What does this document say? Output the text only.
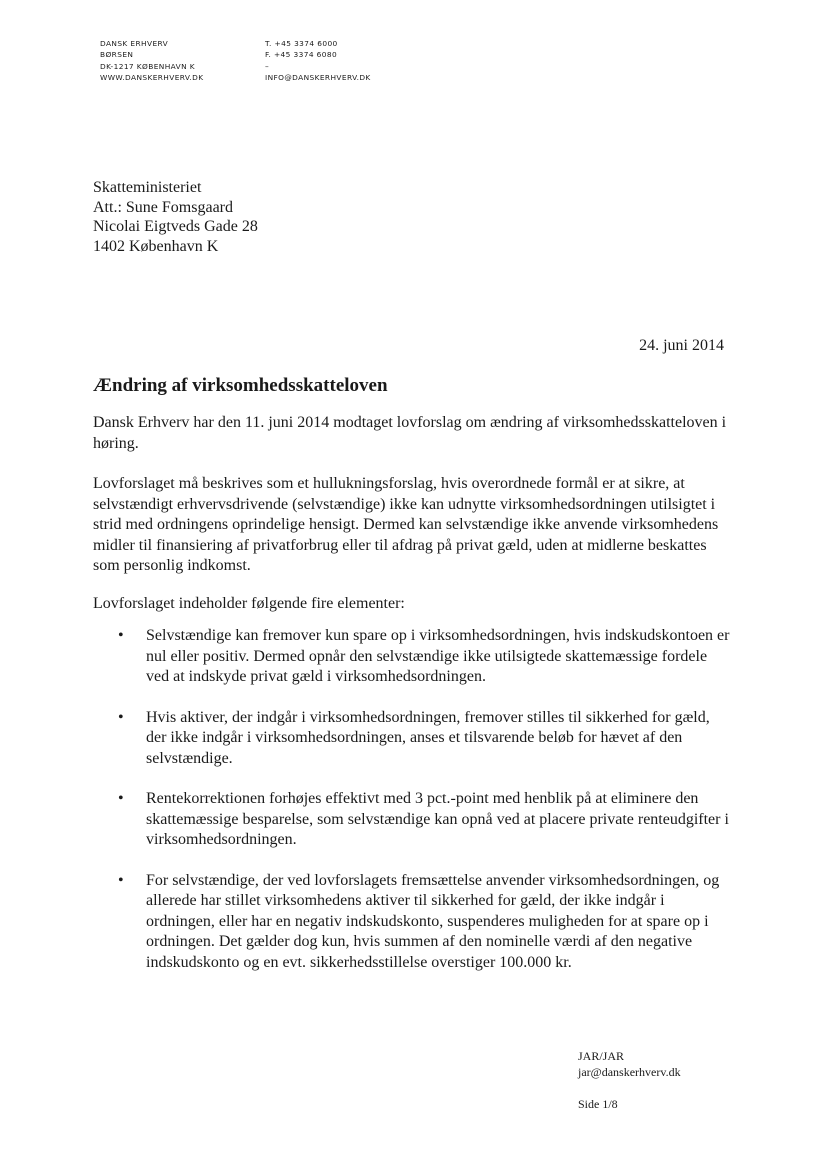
DANSK ERHVERV
BØRSEN
DK-1217 KØBENHAVN K
WWW.DANSKERHVERV.DK
T. +45 3374 6000
F. +45 3374 6080
–
INFO@DANSKERHVERV.DK
Skatteministeriet
Att.: Sune Fomsgaard
Nicolai Eigtveds Gade 28
1402 København K
24. juni 2014
Ændring af virksomhedsskatteloven

Dansk Erhverv har den 11. juni 2014 modtaget lovforslag om ændring af virksomhedsskatteloven i høring.

Lovforslaget må beskrives som et hullukningsforslag, hvis overordnede formål er at sikre, at selvstændigt erhvervsdrivende (selvstændige) ikke kan udnytte virksomhedsordningen utilsigtet i strid med ordningens oprindelige hensigt. Dermed kan selvstændige ikke anvende virksomhedens midler til finansiering af privatforbrug eller til afdrag på privat gæld, uden at midlerne beskattes som personlig indkomst.

Lovforslaget indeholder følgende fire elementer:

• Selvstændige kan fremover kun spare op i virksomhedsordningen, hvis indskudskontoen er nul eller positiv. Dermed opnår den selvstændige ikke utilsigtede skattemæssige fordele ved at indskyde privat gæld i virksomhedsordningen.
• Hvis aktiver, der indgår i virksomhedsordningen, fremover stilles til sikkerhed for gæld, der ikke indgår i virksomhedsordningen, anses et tilsvarende beløb for hævet af den selvstændige.
• Rentekorrektionen forhøjes effektivt med 3 pct.-point med henblik på at eliminere den skattemæssige besparelse, som selvstændige kan opnå ved at placere private renteudgifter i virksomhedsordningen.
• For selvstændige, der ved lovforslagets fremsættelse anvender virksomhedsordningen, og allerede har stillet virksomhedens aktiver til sikkerhed for gæld, der ikke indgår i ordningen, eller har en negativ indskudskonto, suspenderes muligheden for at spare op i ordningen. Det gælder dog kun, hvis summen af den nominelle værdi af den negative indskudskonto og en evt. sikkerhedsstillelse overstiger 100.000 kr.
JAR/JAR
jar@danskerhverv.dk
Side 1/8
